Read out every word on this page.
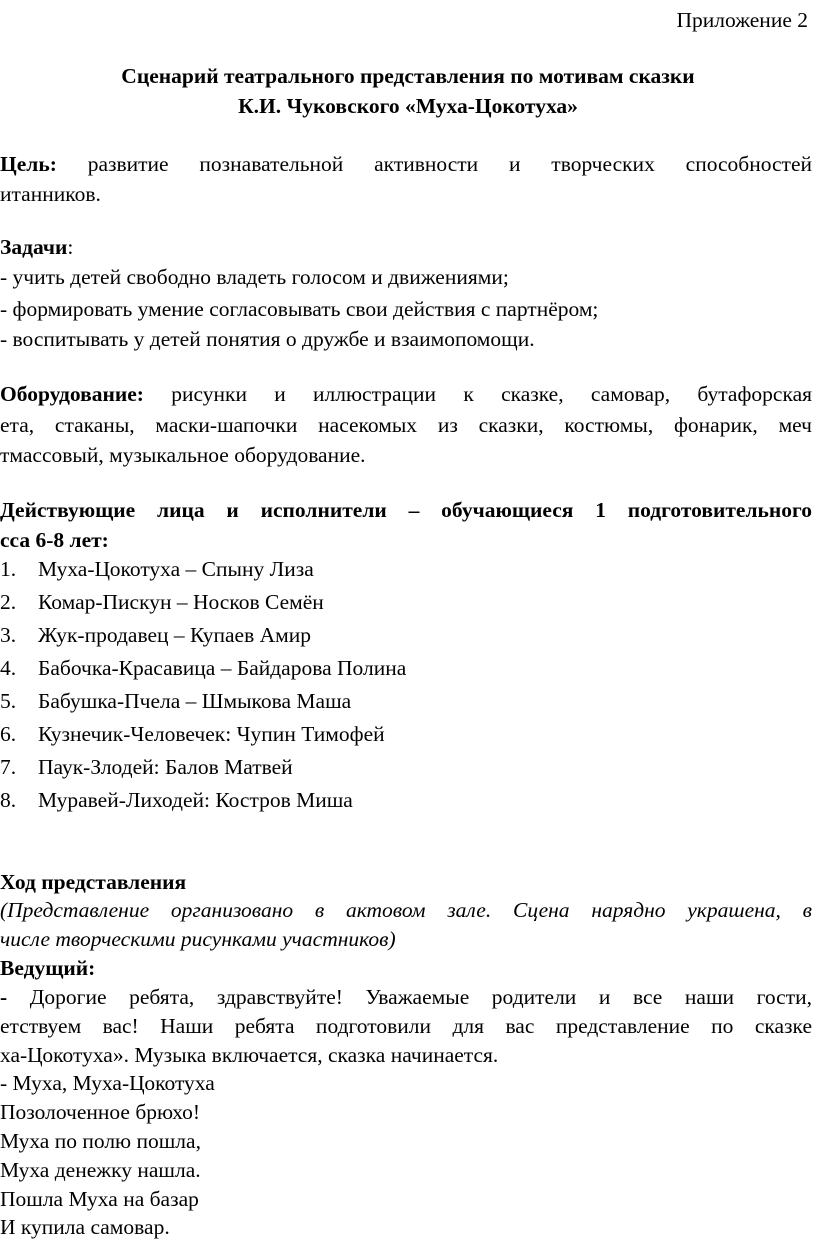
Приложение 2
Сценарий театрального представления по мотивам сказки
К.И. Чуковского «Муха-Цокотуха»
Цель: развитие познавательной активности и творческих способностей
итанников.
Задачи:
- учить детей свободно владеть голосом и движениями;
- формировать умение согласовывать свои действия с партнёром;
- воспитывать у детей понятия о дружбе и взаимопомощи.
Оборудование: рисунки и иллюстрации к сказке, самовар, бутафорская
ета, стаканы, маски-шапочки насекомых из сказки, костюмы, фонарик, меч
тмассовый, музыкальное оборудование.
Действующие лица и исполнители – обучающиеся 1 подготовительного
сса 6-8 лет:
1. Муха-Цокотуха – Спыну Лиза
2. Комар-Пискун – Носков Семён
3. Жук-продавец – Купаев Амир
4. Бабочка-Красавица – Байдарова Полина
5. Бабушка-Пчела – Шмыкова Маша
6. Кузнечик-Человечек: Чупин Тимофей
7. Паук-Злодей: Балов Матвей
8. Муравей-Лиходей: Костров Миша
Ход представления
(Представление организовано в актовом зале. Сцена нарядно украшена, в
числе творческими рисунками участников)
Ведущий:
- Дорогие ребята, здравствуйте! Уважаемые родители и все наши гости,
етствуем вас! Наши ребята подготовили для вас представление по сказке
ха-Цокотуха». Музыка включается, сказка начинается.
- Муха, Муха-Цокотуха
Позолоченное брюхо!
Муха по полю пошла,
Муха денежку нашла.
Пошла Муха на базар
И купила самовар.
